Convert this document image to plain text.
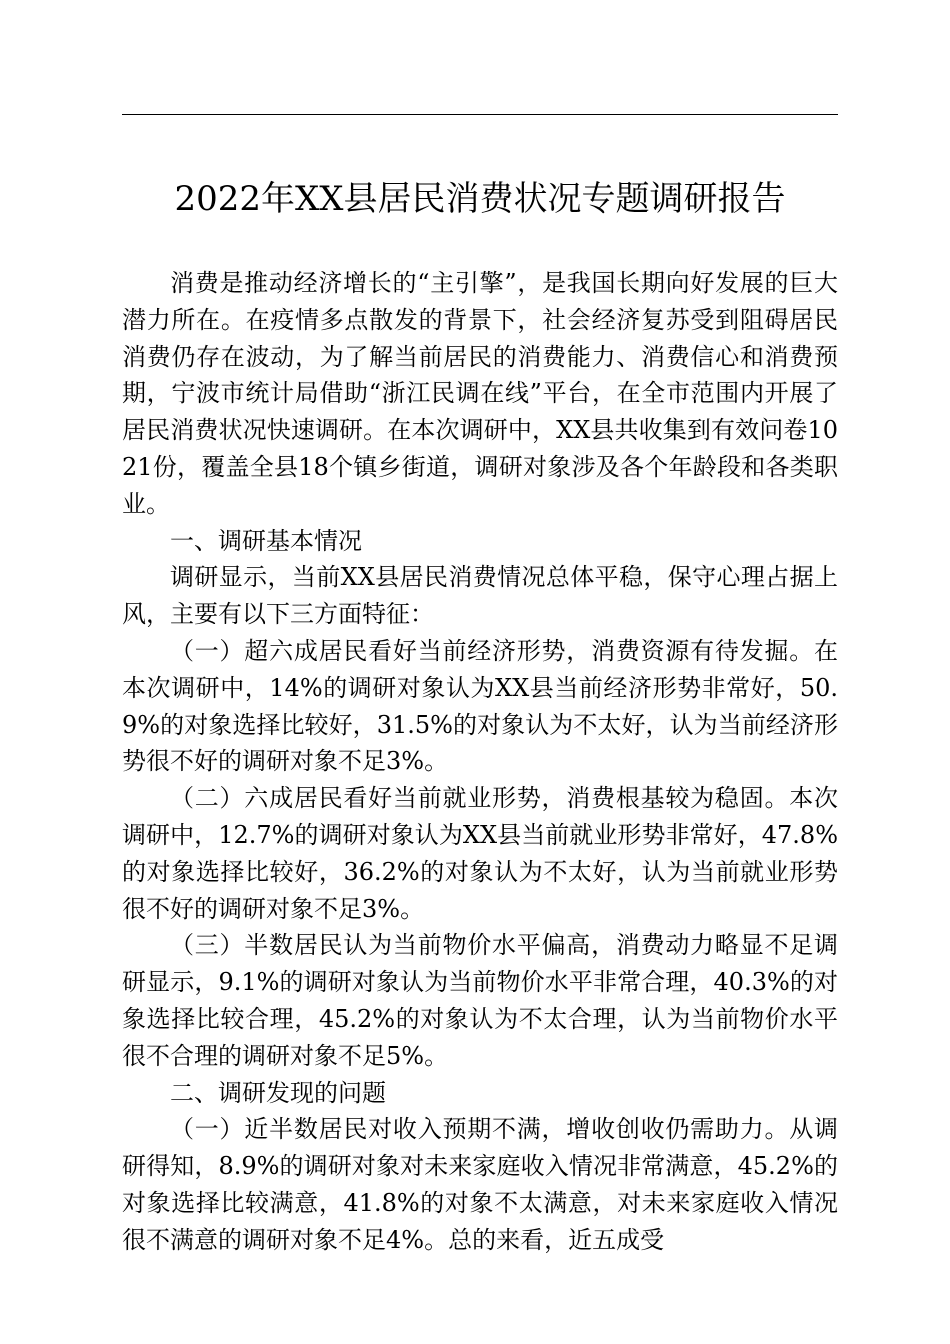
2022年XX县居民消费状况专题调研报告

消费是推动经济增长的“主引擎”，是我国长期向好发展的巨大潜力所在。在疫情多点散发的背景下，社会经济复苏受到阻碍居民消费仍存在波动，为了解当前居民的消费能力、消费信心和消费预期，宁波市统计局借助“浙江民调在线”平台，在全市范围内开展了居民消费状况快速调研。在本次调研中，XX县共收集到有效问卷1021份，覆盖全县18个镇乡街道，调研对象涉及各个年龄段和各类职业。

一、调研基本情况

调研显示，当前XX县居民消费情况总体平稳，保守心理占据上风，主要有以下三方面特征：

（一）超六成居民看好当前经济形势，消费资源有待发掘。在本次调研中，14%的调研对象认为XX县当前经济形势非常好，50.9%的对象选择比较好，31.5%的对象认为不太好，认为当前经济形势很不好的调研对象不足3%。

（二）六成居民看好当前就业形势，消费根基较为稳固。本次调研中，12.7%的调研对象认为XX县当前就业形势非常好，47.8%的对象选择比较好，36.2%的对象认为不太好，认为当前就业形势很不好的调研对象不足3%。

（三）半数居民认为当前物价水平偏高，消费动力略显不足调研显示，9.1%的调研对象认为当前物价水平非常合理，40.3%的对象选择比较合理，45.2%的对象认为不太合理，认为当前物价水平很不合理的调研对象不足5%。

二、调研发现的问题

（一）近半数居民对收入预期不满，增收创收仍需助力。从调研得知，8.9%的调研对象对未来家庭收入情况非常满意，45.2%的对象选择比较满意，41.8%的对象不太满意，对未来家庭收入情况很不满意的调研对象不足4%。总的来看，近五成受
